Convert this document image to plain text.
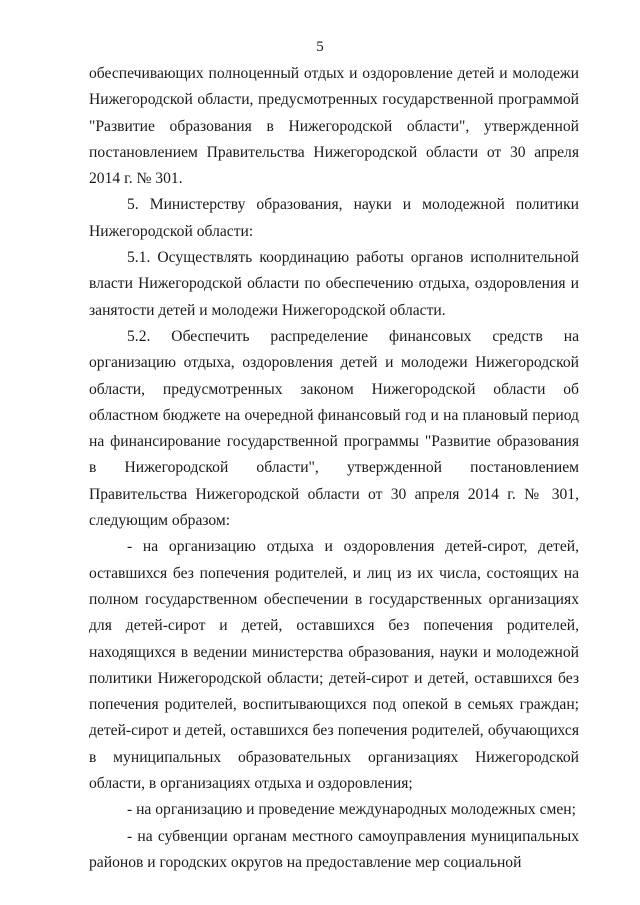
5

обеспечивающих полноценный отдых и оздоровление детей и молодежи Нижегородской области, предусмотренных государственной программой "Развитие образования в Нижегородской области", утвержденной постановлением Правительства Нижегородской области от 30 апреля 2014 г. № 301.

5. Министерству образования, науки и молодежной политики Нижегородской области:

5.1. Осуществлять координацию работы органов исполнительной власти Нижегородской области по обеспечению отдыха, оздоровления и занятости детей и молодежи Нижегородской области.

5.2. Обеспечить распределение финансовых средств на организацию отдыха, оздоровления детей и молодежи Нижегородской области, предусмотренных законом Нижегородской области об областном бюджете на очередной финансовый год и на плановый период на финансирование государственной программы "Развитие образования в Нижегородской области", утвержденной постановлением Правительства Нижегородской области от 30 апреля 2014 г. № 301, следующим образом:

- на организацию отдыха и оздоровления детей-сирот, детей, оставшихся без попечения родителей, и лиц из их числа, состоящих на полном государственном обеспечении в государственных организациях для детей-сирот и детей, оставшихся без попечения родителей, находящихся в ведении министерства образования, науки и молодежной политики Нижегородской области; детей-сирот и детей, оставшихся без попечения родителей, воспитывающихся под опекой в семьях граждан; детей-сирот и детей, оставшихся без попечения родителей, обучающихся в муниципальных образовательных организациях Нижегородской области, в организациях отдыха и оздоровления;

- на организацию и проведение международных молодежных смен;

- на субвенции органам местного самоуправления муниципальных районов и городских округов на предоставление мер социальной
